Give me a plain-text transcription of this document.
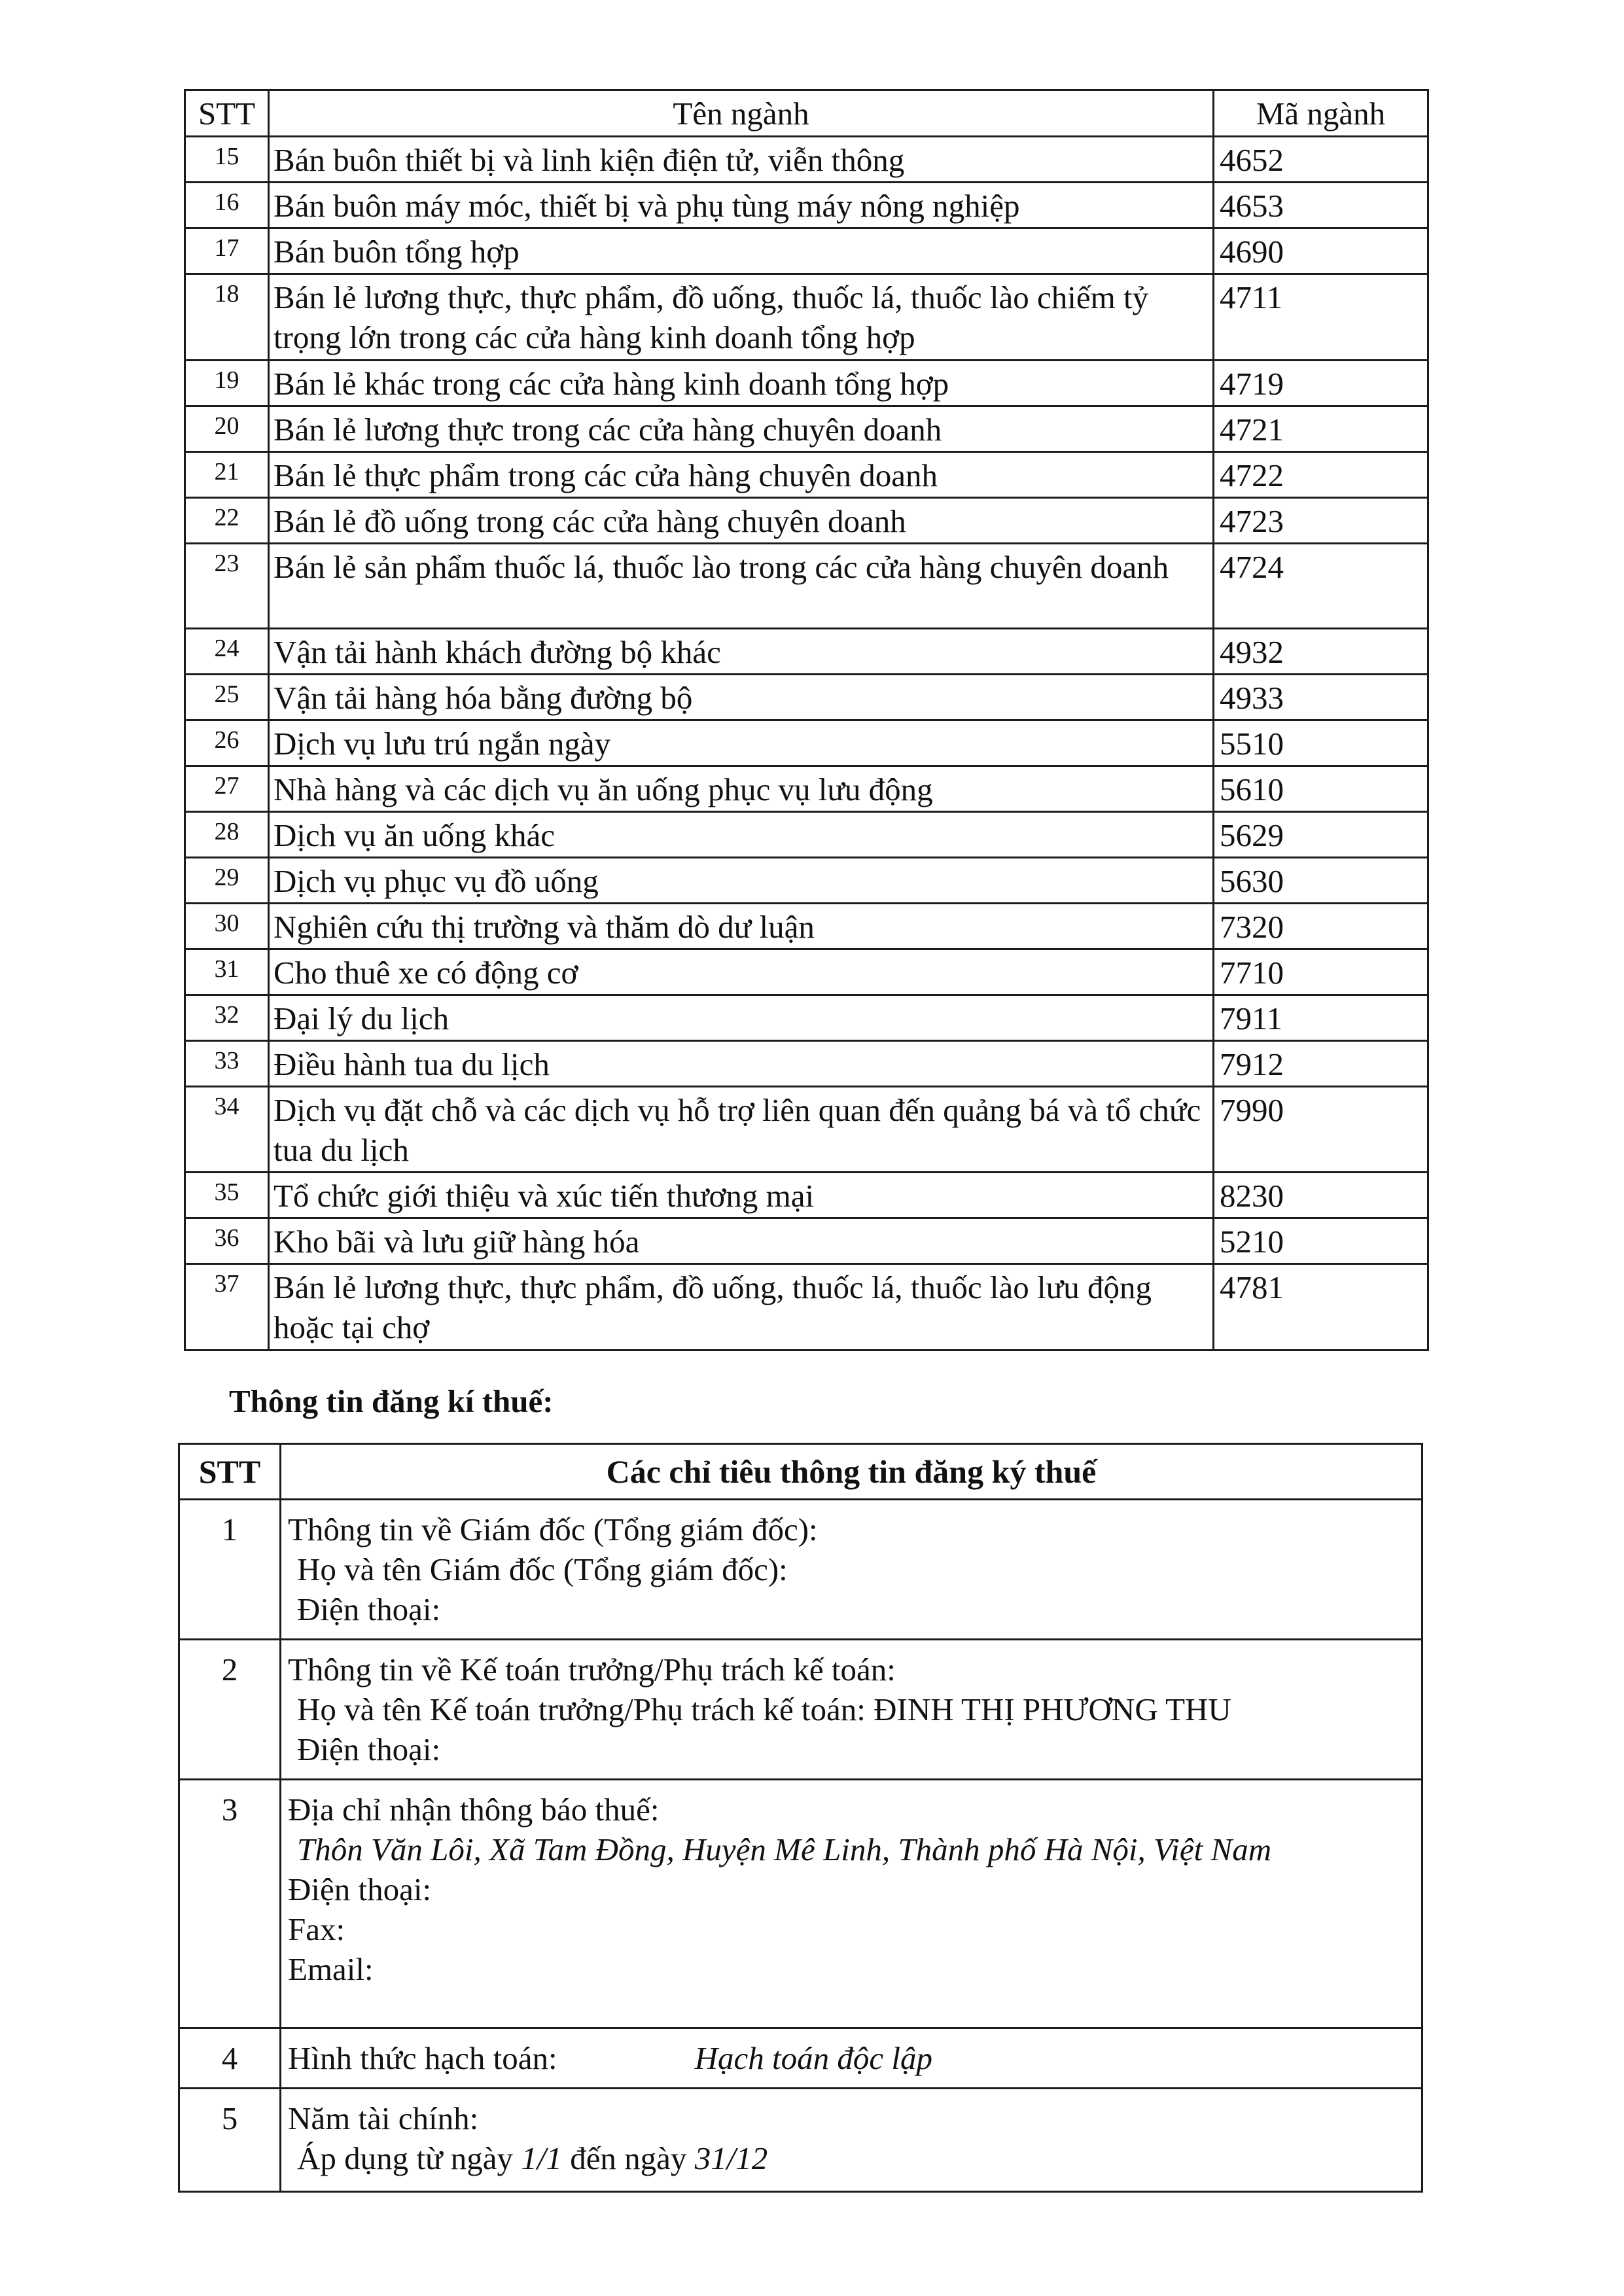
STT	Tên ngành	Mã ngành
15	Bán buôn thiết bị và linh kiện điện tử, viễn thông	4652
16	Bán buôn máy móc, thiết bị và phụ tùng máy nông nghiệp	4653
17	Bán buôn tổng hợp	4690
18	Bán lẻ lương thực, thực phẩm, đồ uống, thuốc lá, thuốc lào chiếm tỷ trọng lớn trong các cửa hàng kinh doanh tổng hợp	4711
19	Bán lẻ khác trong các cửa hàng kinh doanh tổng hợp	4719
20	Bán lẻ lương thực trong các cửa hàng chuyên doanh	4721
21	Bán lẻ thực phẩm trong các cửa hàng chuyên doanh	4722
22	Bán lẻ đồ uống trong các cửa hàng chuyên doanh	4723
23	Bán lẻ sản phẩm thuốc lá, thuốc lào trong các cửa hàng chuyên doanh	4724
24	Vận tải hành khách đường bộ khác	4932
25	Vận tải hàng hóa bằng đường bộ	4933
26	Dịch vụ lưu trú ngắn ngày	5510
27	Nhà hàng và các dịch vụ ăn uống phục vụ lưu động	5610
28	Dịch vụ ăn uống khác	5629
29	Dịch vụ phục vụ đồ uống	5630
30	Nghiên cứu thị trường và thăm dò dư luận	7320
31	Cho thuê xe có động cơ	7710
32	Đại lý du lịch	7911
33	Điều hành tua du lịch	7912
34	Dịch vụ đặt chỗ và các dịch vụ hỗ trợ liên quan đến quảng bá và tổ chức tua du lịch	7990
35	Tổ chức giới thiệu và xúc tiến thương mại	8230
36	Kho bãi và lưu giữ hàng hóa	5210
37	Bán lẻ lương thực, thực phẩm, đồ uống, thuốc lá, thuốc lào lưu động hoặc tại chợ	4781
Thông tin đăng kí thuế:
STT	Các chỉ tiêu thông tin đăng ký thuế
1	Thông tin về Giám đốc (Tổng giám đốc):
Họ và tên Giám đốc (Tổng giám đốc):
Điện thoại:

2	Thông tin về Kế toán trưởng/Phụ trách kế toán:
Họ và tên Kế toán trưởng/Phụ trách kế toán: ĐINH THỊ PHƯƠNG THU
Điện thoại:

3	Địa chỉ nhận thông báo thuế:
Thôn Văn Lôi, Xã Tam Đồng, Huyện Mê Linh, Thành phố Hà Nội, Việt Nam
Điện thoại:
Fax:
Email:

4	Hình thức hạch toán: Hạch toán độc lập
5	Năm tài chính:
Áp dụng từ ngày 1/1 đến ngày 31/12
